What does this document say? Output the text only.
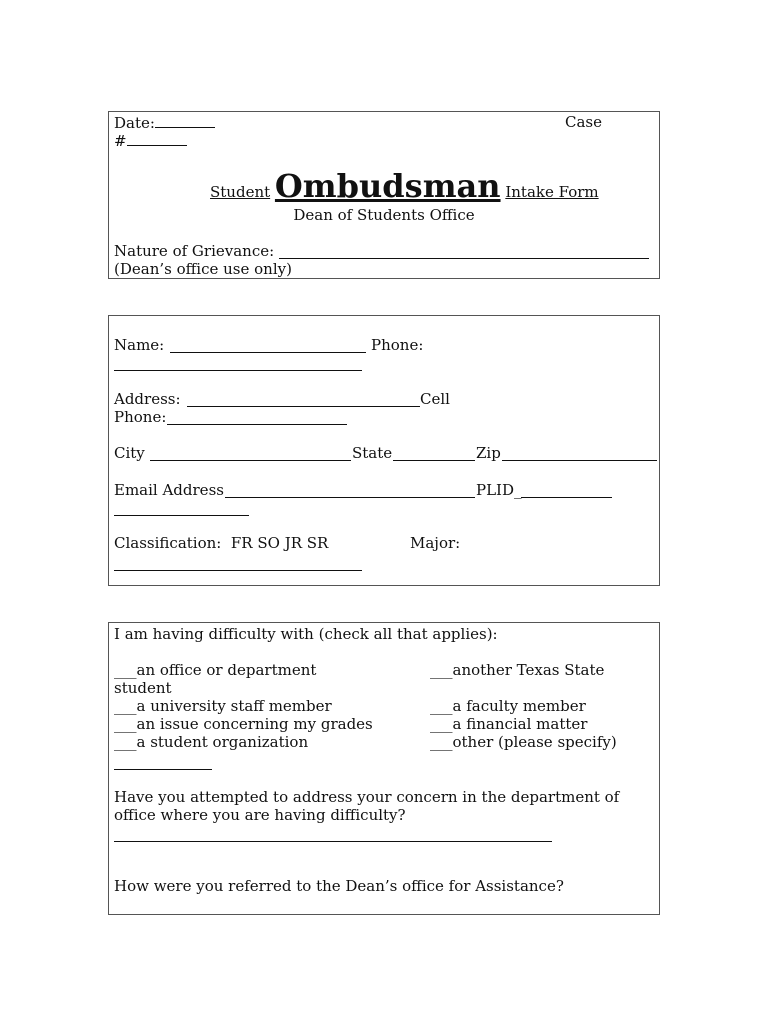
Date:	Case
#
Student Ombudsman Intake Form
Dean of Students Office
Nature of Grievance:
(Dean’s office use only)
Name:	Phone:
Address:	Cell
Phone:
City	State	Zip
Email Address	PLID_
Classification: FR SO JR SR	Major:
I am having difficulty with (check all that applies):
___an office or department	___another Texas State
student
___a university staff member	___a faculty member
___an issue concerning my grades	___a financial matter
___a student organization	___other (please specify)
Have you attempted to address your concern in the department of
office where you are having difficulty?
How were you referred to the Dean’s office for Assistance?
